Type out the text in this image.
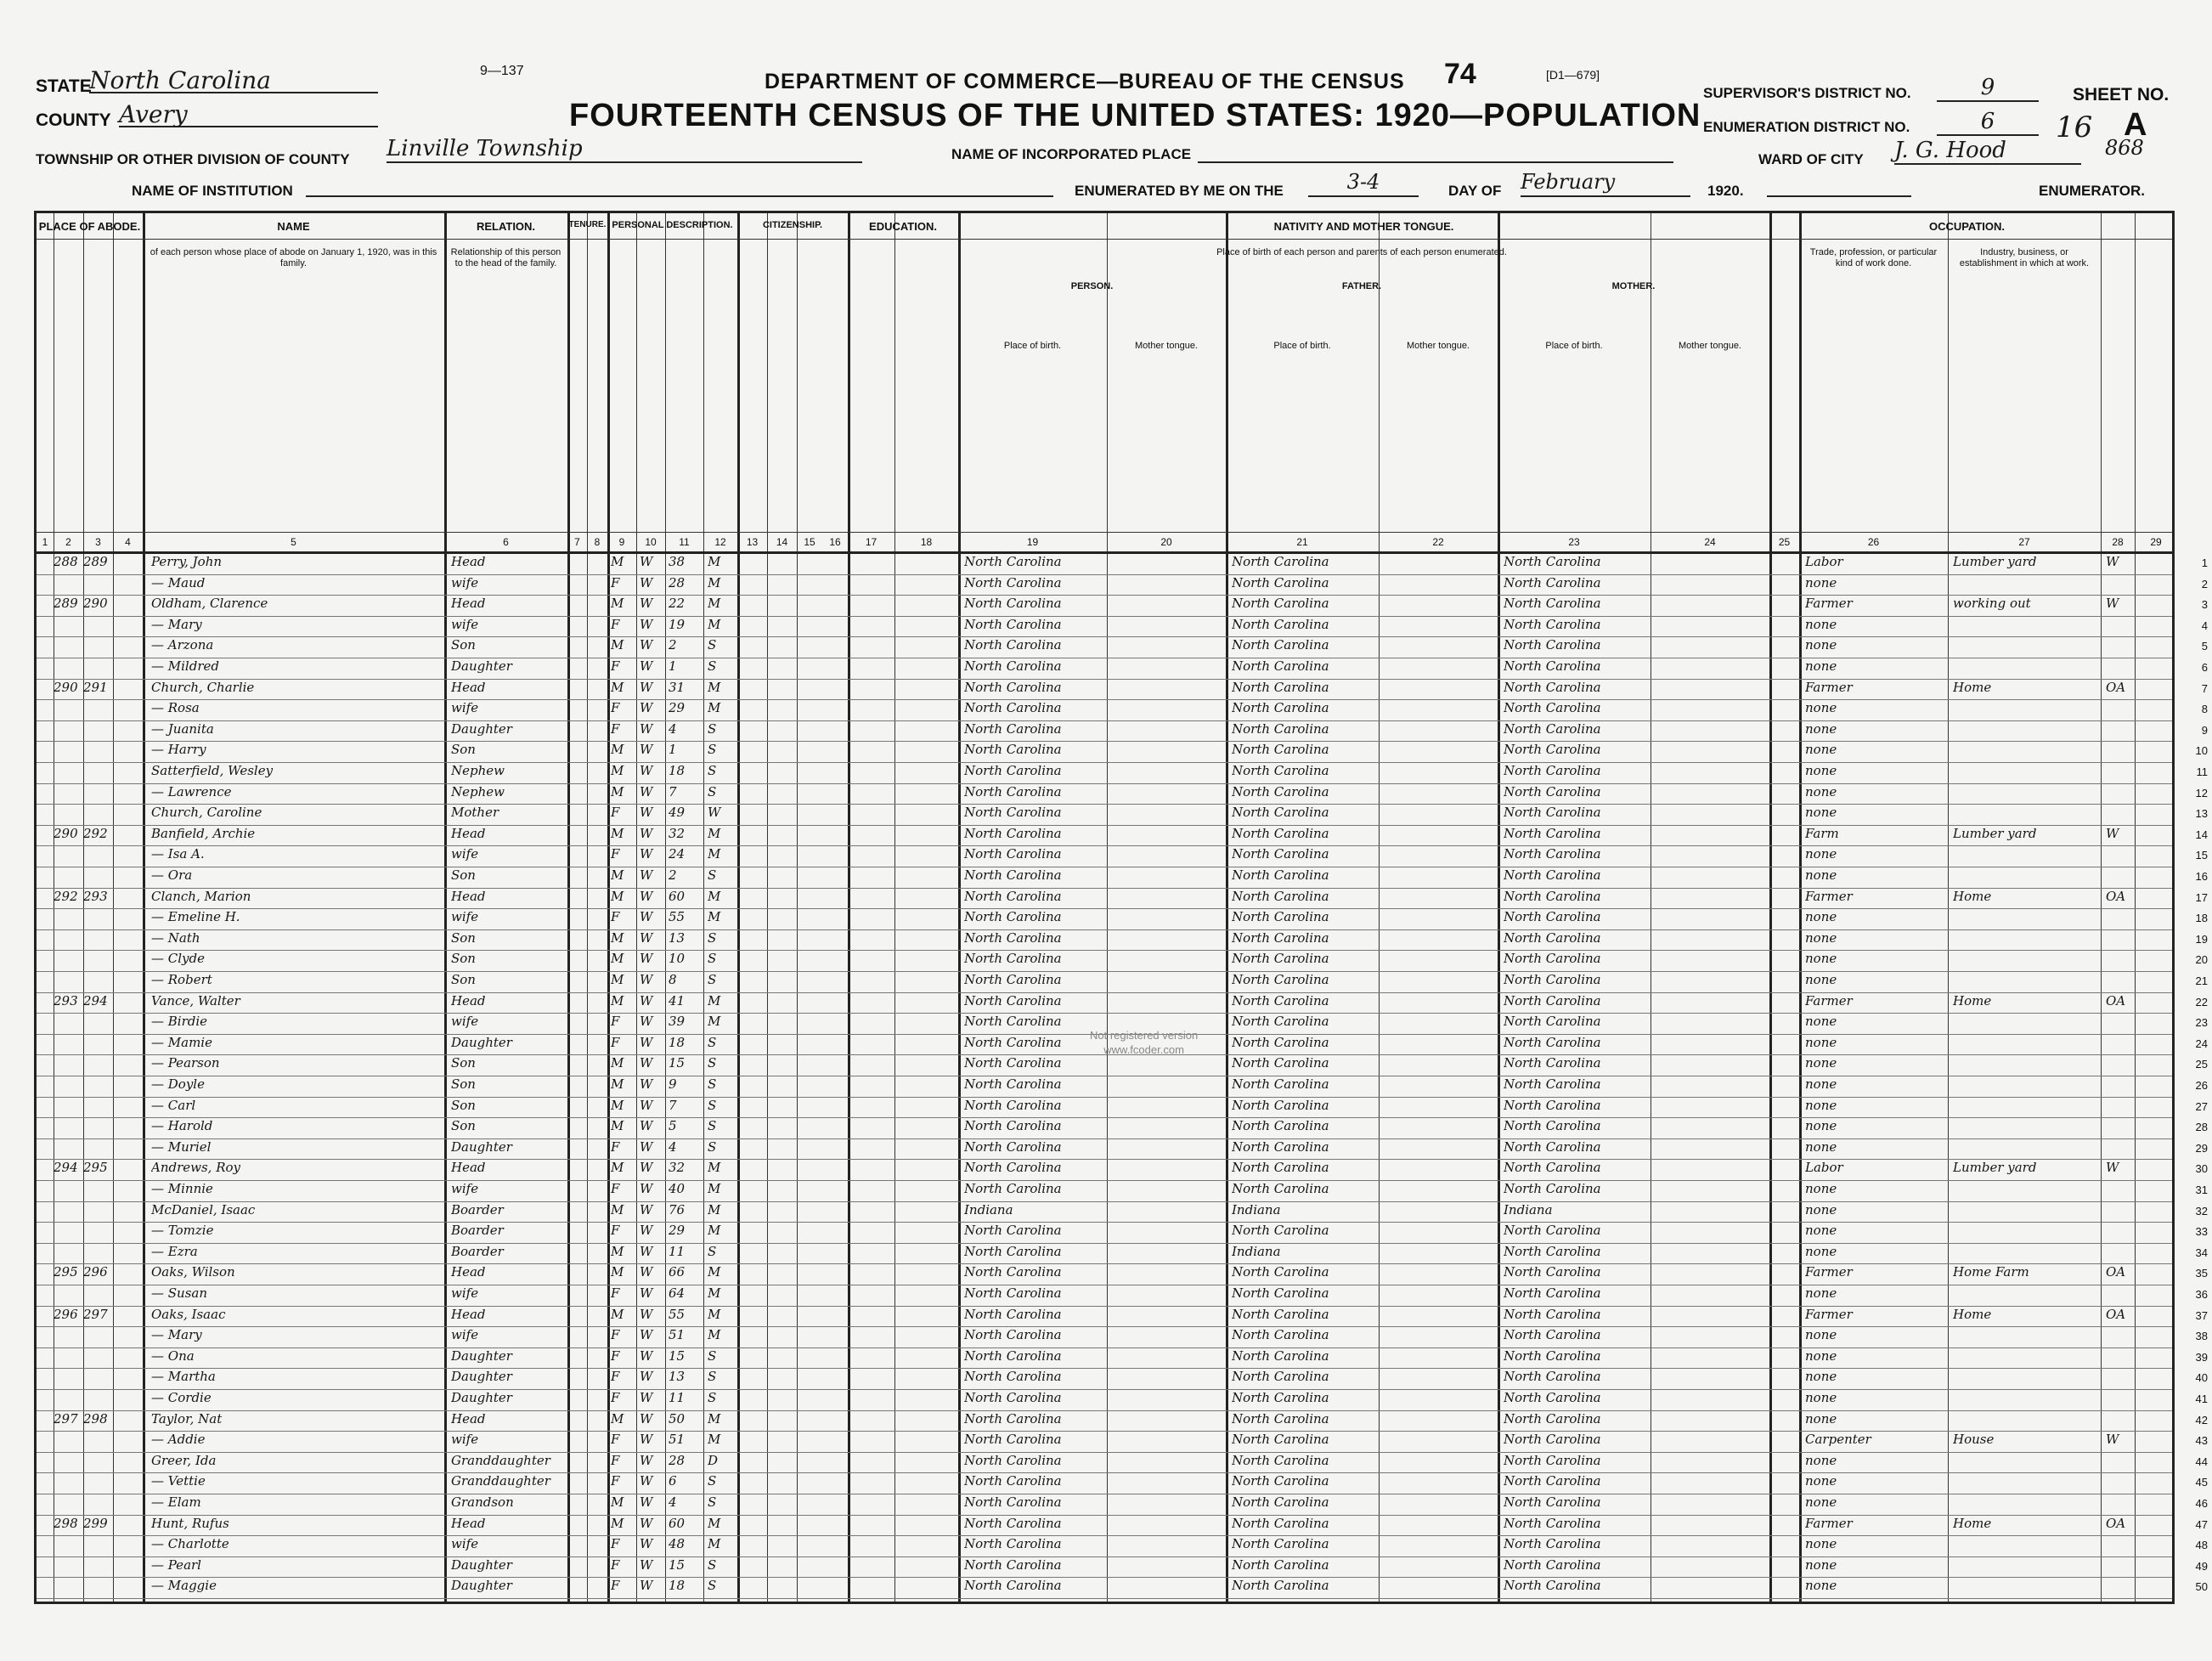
9—137	DEPARTMENT OF COMMERCE—BUREAU OF THE CENSUS 74	[D1—679]
FOURTEENTH CENSUS OF THE UNITED STATES: 1920—POPULATION
STATE
North Carolina
COUNTY Avery
TOWNSHIP OR OTHER DIVISION OF COUNTY Linville Township	NAME OF INCORPORATED PLACE
NAME OF INSTITUTION	ENUMERATED BY ME ON THE	3-4	DAY OF February	1920.	ENUMERATOR.
SUPERVISOR'S DISTRICT NO.	9
ENUMERATION DISTRICT NO.	6
WARD OF CITY J. G. Hood	868
SHEET NO.
16 A
PLACE OF ABODE.	NAME	RELATION.	TENURE. PERSONAL DESCRIPTION.	CITIZENSHIP.	EDUCATION.	NATIVITY AND MOTHER TONGUE.	OCCUPATION.
of each person whose place of abode on January 1, 1920, was in this family.
Relationship of this person to the head of the family.
Place of birth of each person and parents of each person enumerated.
PERSON.	FATHER.	MOTHER.
Place of birth.	Mother tongue.	Place of birth.	Mother tongue.	Place of birth.	Mother tongue.
Trade, profession, or particular kind of work done.
Industry, business, or establishment in which at work.
1	2	3	4	5	6	7	8	9	10	11	12	13	14	15	16	17	18	19	20	21	22	23	24	25	26	27	28	29
288 289	Perry, John	Head	M	W	38	M	North Carolina	North Carolina	North Carolina	Labor	Lumber yard	W	1
— Maud	wife	F	W	28	M	North Carolina	North Carolina	North Carolina	none	2
289 290	Oldham, Clarence	Head	M	W	22	M	North Carolina	North Carolina	North Carolina	Farmer	working out	W	3
— Mary	wife	F	W	19	M	North Carolina	North Carolina	North Carolina	none	4
— Arzona	Son	M	W	2	S	North Carolina	North Carolina	North Carolina	none	5
— Mildred	Daughter	F	W	1	S	North Carolina	North Carolina	North Carolina	none	6
290 291	Church, Charlie	Head	M	W	31	M	North Carolina	North Carolina	North Carolina	Farmer	Home	OA	7
— Rosa	wife	F	W	29	M	North Carolina	North Carolina	North Carolina	none	8
— Juanita	Daughter	F	W	4	S	North Carolina	North Carolina	North Carolina	none	9
— Harry	Son	M	W	1	S	North Carolina	North Carolina	North Carolina	none	10
Satterfield, Wesley	Nephew	M	W	18	S	North Carolina	North Carolina	North Carolina	none	11
— Lawrence	Nephew	M	W	7	S	North Carolina	North Carolina	North Carolina	none	12
Church, Caroline	Mother	F	W	49	W	North Carolina	North Carolina	North Carolina	none	13
290 292	Banfield, Archie	Head	M	W	32	M	North Carolina	North Carolina	North Carolina	Farm	Lumber yard	W	14
— Isa A.	wife	F	W	24	M	North Carolina	North Carolina	North Carolina	none	15
— Ora	Son	M	W	2	S	North Carolina	North Carolina	North Carolina	none	16
292 293	Clanch, Marion	Head	M	W	60	M	North Carolina	North Carolina	North Carolina	Farmer	Home	OA	17
— Emeline H.	wife	F	W	55	M	North Carolina	North Carolina	North Carolina	none	18
— Nath	Son	M	W	13	S	North Carolina	North Carolina	North Carolina	none	19
— Clyde	Son	M	W	10	S	North Carolina	North Carolina	North Carolina	none	20
— Robert	Son	M	W	8	S	North Carolina	North Carolina	North Carolina	none	21
293 294	Vance, Walter	Head	M	W	41	M	North Carolina	North Carolina	North Carolina	Farmer	Home	OA	22
— Birdie	wife	F	W	39	M	North Carolina	North Carolina	North Carolina	none	23
— Mamie	Daughter	F	W	18	S	North Carolina	North Carolina	North Carolina	none	24
— Pearson	Son	M	W	15	S	North Carolina	North Carolina	North Carolina	none	25
— Doyle	Son	M	W	9	S	North Carolina	North Carolina	North Carolina	none	26
— Carl	Son	M	W	7	S	North Carolina	North Carolina	North Carolina	none	27
— Harold	Son	M	W	5	S	North Carolina	North Carolina	North Carolina	none	28
— Muriel	Daughter	F	W	4	S	North Carolina	North Carolina	North Carolina	none	29
294 295	Andrews, Roy	Head	M	W	32	M	North Carolina	North Carolina	North Carolina	Labor	Lumber yard	W	30
— Minnie	wife	F	W	40	M	North Carolina	North Carolina	North Carolina	none	31
McDaniel, Isaac	Boarder	M	W	76	M	Indiana	Indiana	Indiana	none	32
— Tomzie	Boarder	F	W	29	M	North Carolina	North Carolina	North Carolina	none	33
— Ezra	Boarder	M	W	11	S	North Carolina	Indiana	North Carolina	none	34
295 296	Oaks, Wilson	Head	M	W	66	M	North Carolina	North Carolina	North Carolina	Farmer	Home Farm	OA	35
— Susan	wife	F	W	64	M	North Carolina	North Carolina	North Carolina	none	36
296 297	Oaks, Isaac	Head	M	W	55	M	North Carolina	North Carolina	North Carolina	Farmer	Home	OA	37
— Mary	wife	F	W	51	M	North Carolina	North Carolina	North Carolina	none	38
— Ona	Daughter	F	W	15	S	North Carolina	North Carolina	North Carolina	none	39
— Martha	Daughter	F	W	13	S	North Carolina	North Carolina	North Carolina	none	40
— Cordie	Daughter	F	W	11	S	North Carolina	North Carolina	North Carolina	none	41
297 298	Taylor, Nat	Head	M	W	50	M	North Carolina	North Carolina	North Carolina	none	42
— Addie	wife	F	W	51	M	North Carolina	North Carolina	North Carolina	Carpenter	House	W	43
Greer, Ida	Granddaughter	F	W	28	D	North Carolina	North Carolina	North Carolina	none	44
— Vettie	Granddaughter	F	W	6	S	North Carolina	North Carolina	North Carolina	none	45
— Elam	Grandson	M	W	4	S	North Carolina	North Carolina	North Carolina	none	46
298 299	Hunt, Rufus	Head	M	W	60	M	North Carolina	North Carolina	North Carolina	Farmer	Home	OA	47
— Charlotte	wife	F	W	48	M	North Carolina	North Carolina	North Carolina	none	48
— Pearl	Daughter	F	W	15	S	North Carolina	North Carolina	North Carolina	none	49
— Maggie	Daughter	F	W	18	S	North Carolina	North Carolina	North Carolina	none	50
Not registered version
www.fcoder.com
